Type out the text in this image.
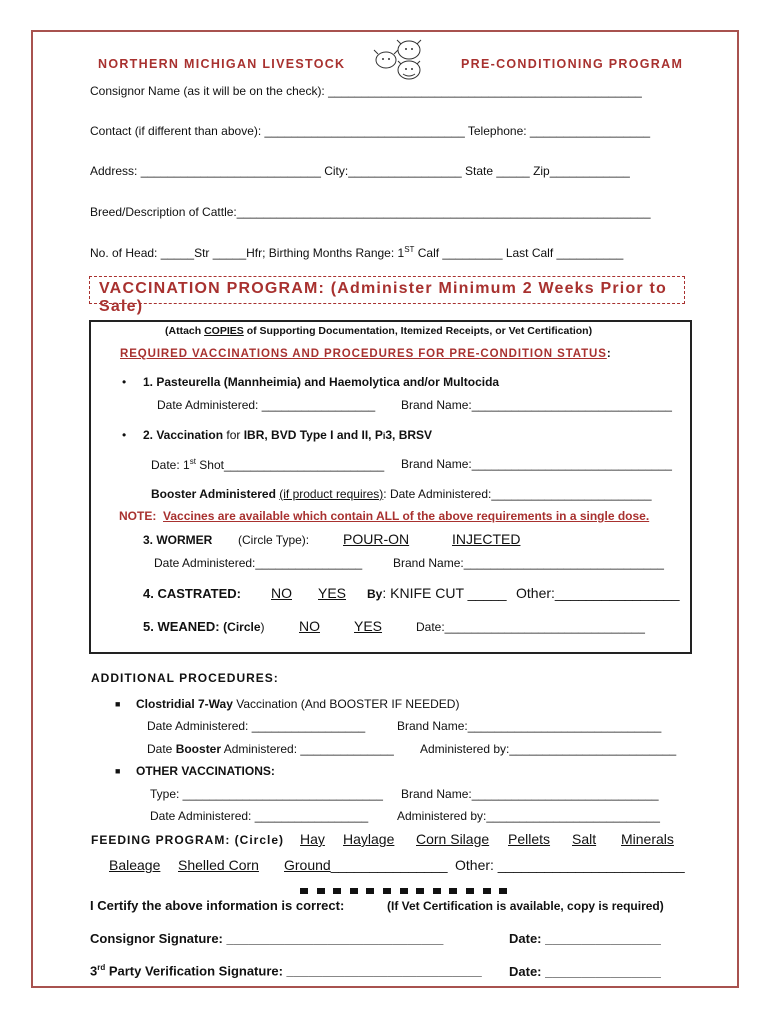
NORTHERN MICHIGAN LIVESTOCK	PRE-CONDITIONING PROGRAM
Consignor Name (as it will be on the check): _______________________________________________
Contact (if different than above): ______________________________ Telephone: __________________
Address: ___________________________ City:_________________ State _____ Zip____________
Breed/Description of Cattle:______________________________________________________________
No. of Head: _____Str _____Hfr; Birthing Months Range: 1ST Calf _________ Last Calf __________
VACCINATION PROGRAM: (Administer Minimum 2 Weeks Prior to Sale)
(Attach COPIES of Supporting Documentation, Itemized Receipts, or Vet Certification)
REQUIRED VACCINATIONS AND PROCEDURES FOR PRE-CONDITION STATUS:
• 1. Pasteurella (Mannheimia) and Haemolytica and/or Multocida
Date Administered: _________________ Brand Name:______________________________
• 2. Vaccination for IBR, BVD Type I and II, Pi3, BRSV
Date: 1st Shot________________________ Brand Name:______________________________
Booster Administered (if product requires): Date Administered:________________________
NOTE: Vaccines are available which contain ALL of the above requirements in a single dose.
3. WORMER (Circle Type): POUR-ON	INJECTED
Date Administered:________________	Brand Name:______________________________
4. CASTRATED: NO YES By: KNIFE CUT _____ Other:________________
5. WEANED: (Circle) NO YES	Date:______________________________
ADDITIONAL PROCEDURES:
■ Clostridial 7-Way Vaccination (And BOOSTER IF NEEDED)
Date Administered: _________________	Brand Name:_____________________________
Date Booster Administered: ______________ Administered by:_________________________
■ OTHER VACCINATIONS:
Type: ______________________________ Brand Name:____________________________
Date Administered: _________________ Administered by:__________________________
FEEDING PROGRAM: (Circle) Hay Haylage Corn Silage Pellets Salt Minerals
Baleage Shelled Corn Ground_______________ Other: ________________________
I Certify the above information is correct:	(If Vet Certification is available, copy is required)
Consignor Signature: ______________________________	Date: ________________
3rd Party Verification Signature: ___________________________ Date: ________________
